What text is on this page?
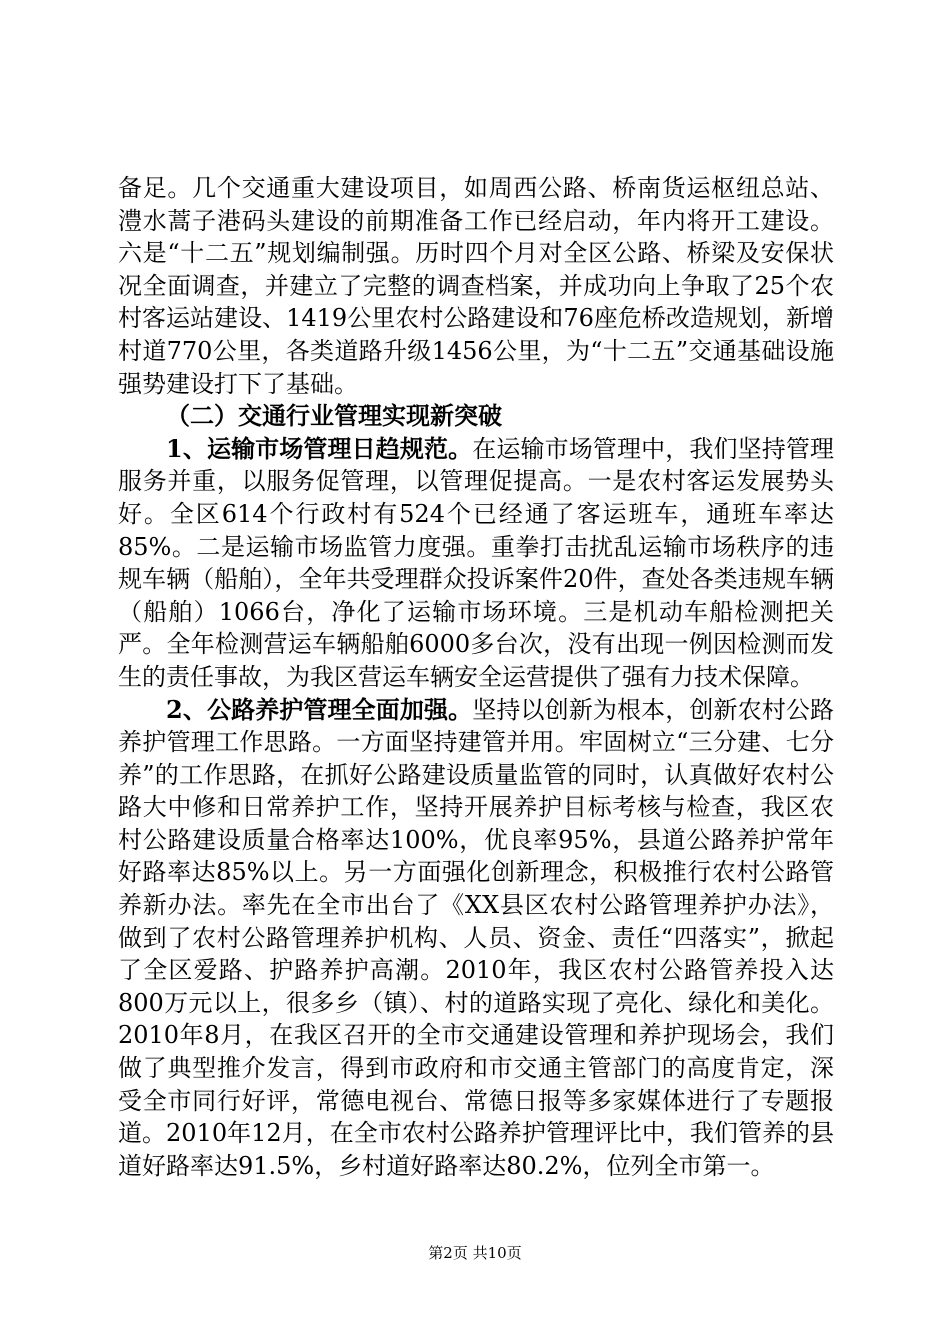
备足。几个交通重大建设项目，如周西公路、桥南货运枢纽总站、澧水蒿子港码头建设的前期准备工作已经启动，年内将开工建设。六是“十二五”规划编制强。历时四个月对全区公路、桥梁及安保状况全面调查，并建立了完整的调查档案，并成功向上争取了25个农村客运站建设、1419公里农村公路建设和76座危桥改造规划，新增村道770公里，各类道路升级1456公里，为“十二五”交通基础设施强势建设打下了基础。

（二）交通行业管理实现新突破

1、运输市场管理日趋规范。在运输市场管理中，我们坚持管理服务并重，以服务促管理，以管理促提高。一是农村客运发展势头好。全区614个行政村有524个已经通了客运班车，通班车率达85%。二是运输市场监管力度强。重拳打击扰乱运输市场秩序的违规车辆（船舶），全年共受理群众投诉案件20件，查处各类违规车辆（船舶）1066台，净化了运输市场环境。三是机动车船检测把关严。全年检测营运车辆船舶6000多台次，没有出现一例因检测而发生的责任事故，为我区营运车辆安全运营提供了强有力技术保障。

2、公路养护管理全面加强。坚持以创新为根本，创新农村公路养护管理工作思路。一方面坚持建管并用。牢固树立“三分建、七分养”的工作思路，在抓好公路建设质量监管的同时，认真做好农村公路大中修和日常养护工作，坚持开展养护目标考核与检查，我区农村公路建设质量合格率达100%，优良率95%，县道公路养护常年好路率达85%以上。另一方面强化创新理念，积极推行农村公路管养新办法。率先在全市出台了《XX县区农村公路管理养护办法》，做到了农村公路管理养护机构、人员、资金、责任“四落实”，掀起了全区爱路、护路养护高潮。2010年，我区农村公路管养投入达800万元以上，很多乡（镇）、村的道路实现了亮化、绿化和美化。2010年8月，在我区召开的全市交通建设管理和养护现场会，我们做了典型推介发言，得到市政府和市交通主管部门的高度肯定，深受全市同行好评，常德电视台、常德日报等多家媒体进行了专题报道。2010年12月，在全市农村公路养护管理评比中，我们管养的县道好路率达91.5%，乡村道好路率达80.2%，位列全市第一。

第2页 共10页
